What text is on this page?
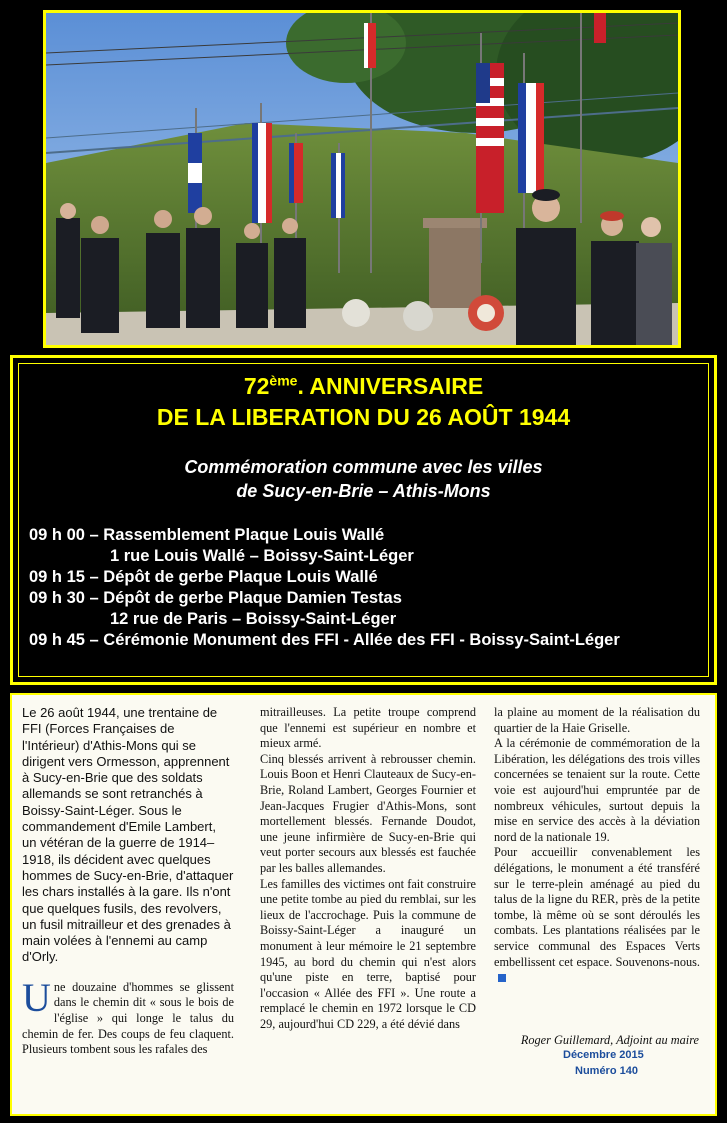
72ème. ANNIVERSAIRE
DE LA LIBERATION DU 26 AOÛT 1944
Commémoration commune avec les villes
de Sucy-en-Brie – Athis-Mons
09 h 00 – Rassemblement Plaque Louis Wallé
1 rue Louis Wallé – Boissy-Saint-Léger
09 h 15 – Dépôt de gerbe Plaque Louis Wallé
09 h 30 – Dépôt de gerbe Plaque Damien Testas
12 rue de Paris – Boissy-Saint-Léger
09 h 45 – Cérémonie Monument des FFI - Allée des FFI - Boissy-Saint-Léger
Le 26 août 1944, une trentaine de FFI (Forces Françaises de l'Intérieur) d'Athis-Mons qui se dirigent vers Ormesson, apprennent à Sucy-en-Brie que des soldats allemands se sont retranchés à Boissy-Saint-Léger. Sous le commandement d'Emile Lambert, un vétéran de la guerre de 1914–1918, ils décident avec quelques hommes de Sucy-en-Brie, d'attaquer les chars installés à la gare. Ils n'ont que quelques fusils, des revolvers, un fusil mitrailleur et des grenades à main volées à l'ennemi au camp d'Orly.
Une douzaine d'hommes se glissent dans le chemin dit « sous le bois de l'église » qui longe le talus du chemin de fer. Des coups de feu claquent. Plusieurs tombent sous les rafales des
mitrailleuses. La petite troupe comprend que l'ennemi est supérieur en nombre et mieux armé.
Cinq blessés arrivent à rebrousser chemin. Louis Boon et Henri Clauteaux de Sucy-en-Brie, Roland Lambert, Georges Fournier et Jean-Jacques Frugier d'Athis-Mons, sont mortellement blessés. Fernande Doudot, une jeune infirmière de Sucy-en-Brie qui veut porter secours aux blessés est fauchée par les balles allemandes.
Les familles des victimes ont fait construire une petite tombe au pied du remblai, sur les lieux de l'accrochage. Puis la commune de Boissy-Saint-Léger a inauguré un monument à leur mémoire le 21 septembre 1945, au bord du chemin qui n'est alors qu'une piste en terre, baptisé pour l'occasion « Allée des FFI ». Une route a remplacé le chemin en 1972 lorsque le CD 29, aujourd'hui CD 229, a été dévié dans
la plaine au moment de la réalisation du quartier de la Haie Griselle.
A la cérémonie de commémoration de la Libération, les délégations des trois villes concernées se tenaient sur la route. Cette voie est aujourd'hui empruntée par de nombreux véhicules, surtout depuis la mise en service des accès à la déviation nord de la nationale 19.
Pour accueillir convenablement les délégations, le monument a été transféré sur le terre-plein aménagé au pied du talus de la ligne du RER, près de la petite tombe, là même où se sont déroulés les combats. Les plantations réalisées par le service communal des Espaces Verts embellissent cet espace. Souvenons-nous.
Roger Guillemard, Adjoint au maire
Décembre 2015
Numéro 140
